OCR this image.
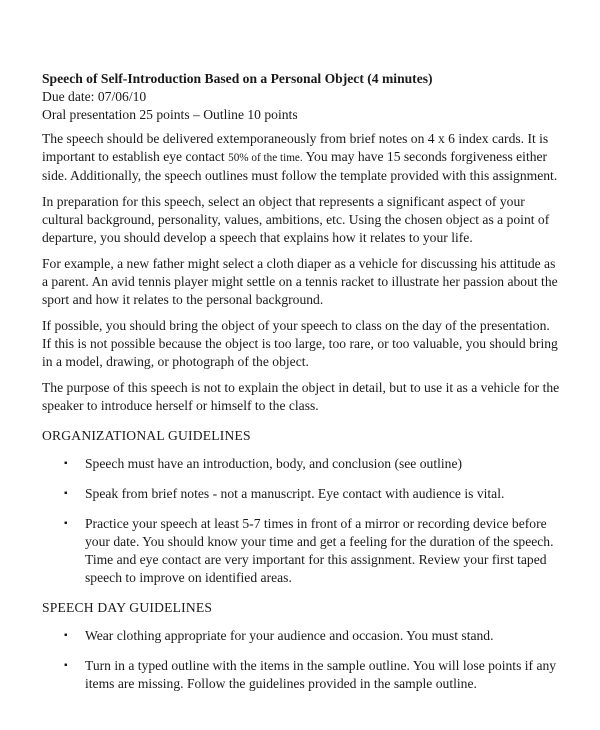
Speech of Self-Introduction Based on a Personal Object (4 minutes)

Due date: 07/06/10

Oral presentation 25 points – Outline 10 points

The speech should be delivered extemporaneously from brief notes on 4 x 6 index cards. It is important to establish eye contact 50% of the time. You may have 15 seconds forgiveness either side. Additionally, the speech outlines must follow the template provided with this assignment.

In preparation for this speech, select an object that represents a significant aspect of your cultural background, personality, values, ambitions, etc. Using the chosen object as a point of departure, you should develop a speech that explains how it relates to your life.

For example, a new father might select a cloth diaper as a vehicle for discussing his attitude as a parent. An avid tennis player might settle on a tennis racket to illustrate her passion about the sport and how it relates to the personal background.

If possible, you should bring the object of your speech to class on the day of the presentation. If this is not possible because the object is too large, too rare, or too valuable, you should bring in a model, drawing, or photograph of the object.

The purpose of this speech is not to explain the object in detail, but to use it as a vehicle for the speaker to introduce herself or himself to the class.

ORGANIZATIONAL GUIDELINES

▪ Speech must have an introduction, body, and conclusion (see outline)
▪ Speak from brief notes - not a manuscript. Eye contact with audience is vital.
▪ Practice your speech at least 5-7 times in front of a mirror or recording device before your date. You should know your time and get a feeling for the duration of the speech. Time and eye contact are very important for this assignment. Review your first taped speech to improve on identified areas.

SPEECH DAY GUIDELINES

▪ Wear clothing appropriate for your audience and occasion. You must stand.
▪ Turn in a typed outline with the items in the sample outline. You will lose points if any items are missing. Follow the guidelines provided in the sample outline.
